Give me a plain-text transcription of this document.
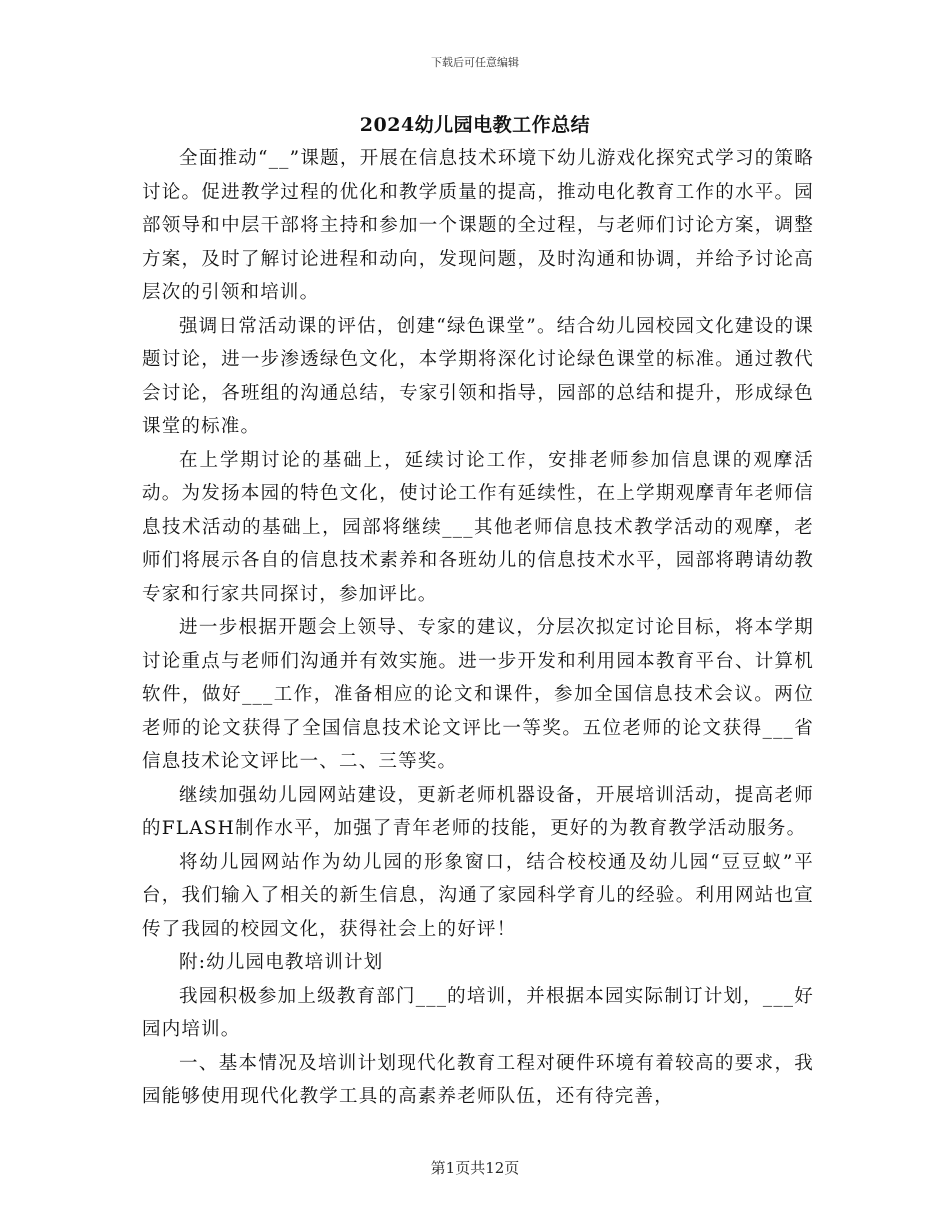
下载后可任意编辑
2024幼儿园电教工作总结

全面推动“__”课题，开展在信息技术环境下幼儿游戏化探究式学习的策略讨论。促进教学过程的优化和教学质量的提高，推动电化教育工作的水平。园部领导和中层干部将主持和参加一个课题的全过程，与老师们讨论方案，调整方案，及时了解讨论进程和动向，发现问题，及时沟通和协调，并给予讨论高层次的引领和培训。

强调日常活动课的评估，创建“绿色课堂”。结合幼儿园校园文化建设的课题讨论，进一步渗透绿色文化，本学期将深化讨论绿色课堂的标准。通过教代会讨论，各班组的沟通总结，专家引领和指导，园部的总结和提升，形成绿色课堂的标准。

在上学期讨论的基础上，延续讨论工作，安排老师参加信息课的观摩活动。为发扬本园的特色文化，使讨论工作有延续性，在上学期观摩青年老师信息技术活动的基础上，园部将继续___其他老师信息技术教学活动的观摩，老师们将展示各自的信息技术素养和各班幼儿的信息技术水平，园部将聘请幼教专家和行家共同探讨，参加评比。

进一步根据开题会上领导、专家的建议，分层次拟定讨论目标，将本学期讨论重点与老师们沟通并有效实施。进一步开发和利用园本教育平台、计算机软件，做好___工作，准备相应的论文和课件，参加全国信息技术会议。两位老师的论文获得了全国信息技术论文评比一等奖。五位老师的论文获得___省信息技术论文评比一、二、三等奖。

继续加强幼儿园网站建设，更新老师机器设备，开展培训活动，提高老师的FLASH制作水平，加强了青年老师的技能，更好的为教育教学活动服务。

将幼儿园网站作为幼儿园的形象窗口，结合校校通及幼儿园“豆豆蚁”平台，我们输入了相关的新生信息，沟通了家园科学育儿的经验。利用网站也宣传了我园的校园文化，获得社会上的好评！

附:幼儿园电教培训计划

我园积极参加上级教育部门___的培训，并根据本园实际制订计划，___好园内培训。

一、基本情况及培训计划现代化教育工程对硬件环境有着较高的要求，我园能够使用现代化教学工具的高素养老师队伍，还有待完善，

第1页共12页
